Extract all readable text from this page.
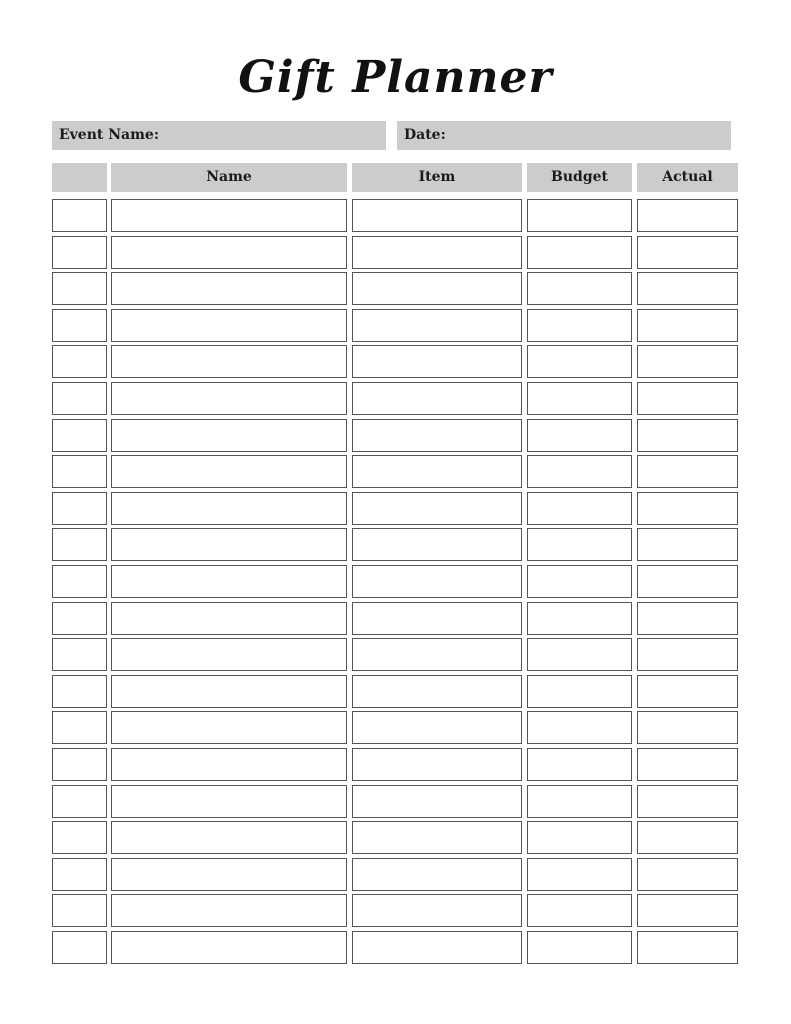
Gift Planner
Event Name:	Date:
Name	Item	Budget	Actual
